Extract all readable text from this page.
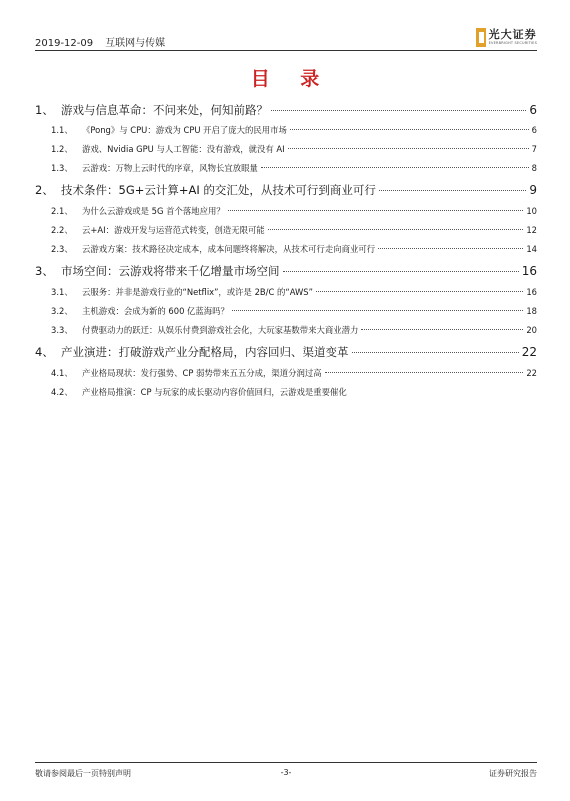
2019-12-09 互联网与传媒
光大证券
EVERBRIGHT SECURITIES
目 录
1、 游戏与信息革命：不问来处，何知前路？	6
1.1、	《Pong》与 CPU：游戏为 CPU 开启了庞大的民用市场	6
1.2、	游戏、Nvidia GPU 与人工智能：没有游戏，就没有 AI	7
1.3、	云游戏：万物上云时代的序章，风物长宜放眼量	8
2、 技术条件：5G+云计算+AI 的交汇处，从技术可行到商业可行	9
2.1、	为什么云游戏或是 5G 首个落地应用？	10
2.2、	云+AI：游戏开发与运营范式转变，创造无限可能	12
2.3、	云游戏方案：技术路径决定成本，成本问题终将解决，从技术可行走向商业可行	14
3、 市场空间：云游戏将带来千亿增量市场空间	16
3.1、	云服务：并非是游戏行业的“Netflix”，或许是 2B/C 的“AWS”	16
3.2、	主机游戏：会成为新的 600 亿蓝海吗？	18
3.3、	付费驱动力的跃迁：从娱乐付费到游戏社会化，大玩家基数带来大商业潜力	20
4、 产业演进：打破游戏产业分配格局，内容回归、渠道变革	22
4.1、	产业格局现状：发行强势、CP 弱势带来五五分成，渠道分润过高	22
4.2、	产业格局推演：CP 与玩家的成长驱动内容价值回归，云游戏是重要催化
敬请参阅最后一页特别声明	-3-	证券研究报告
